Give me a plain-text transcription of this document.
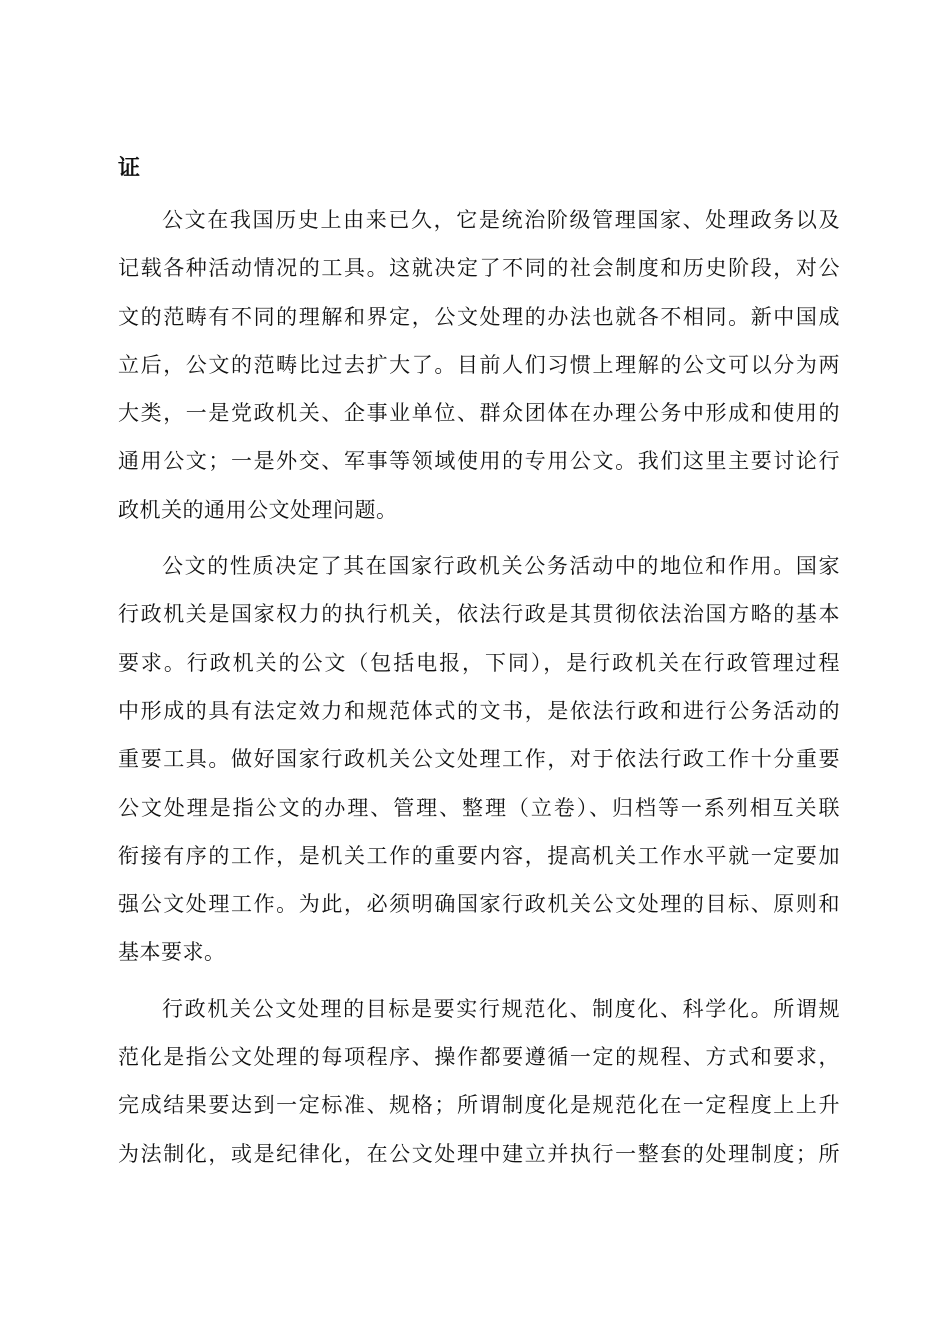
证
公文在我国历史上由来已久，它是统治阶级管理国家、处理政务以及
记载各种活动情况的工具。这就决定了不同的社会制度和历史阶段，对公
文的范畴有不同的理解和界定，公文处理的办法也就各不相同。新中国成
立后，公文的范畴比过去扩大了。目前人们习惯上理解的公文可以分为两
大类，一是党政机关、企事业单位、群众团体在办理公务中形成和使用的
通用公文；一是外交、军事等领域使用的专用公文。我们这里主要讨论行
政机关的通用公文处理问题。
公文的性质决定了其在国家行政机关公务活动中的地位和作用。国家
行政机关是国家权力的执行机关，依法行政是其贯彻依法治国方略的基本
要求。行政机关的公文（包括电报，下同），是行政机关在行政管理过程
中形成的具有法定效力和规范体式的文书，是依法行政和进行公务活动的
重要工具。做好国家行政机关公文处理工作，对于依法行政工作十分重要
公文处理是指公文的办理、管理、整理（立卷）、归档等一系列相互关联
衔接有序的工作，是机关工作的重要内容，提高机关工作水平就一定要加
强公文处理工作。为此，必须明确国家行政机关公文处理的目标、原则和
基本要求。
行政机关公文处理的目标是要实行规范化、制度化、科学化。所谓规
范化是指公文处理的每项程序、操作都要遵循一定的规程、方式和要求，
完成结果要达到一定标准、规格；所谓制度化是规范化在一定程度上上升
为法制化，或是纪律化，在公文处理中建立并执行一整套的处理制度；所
